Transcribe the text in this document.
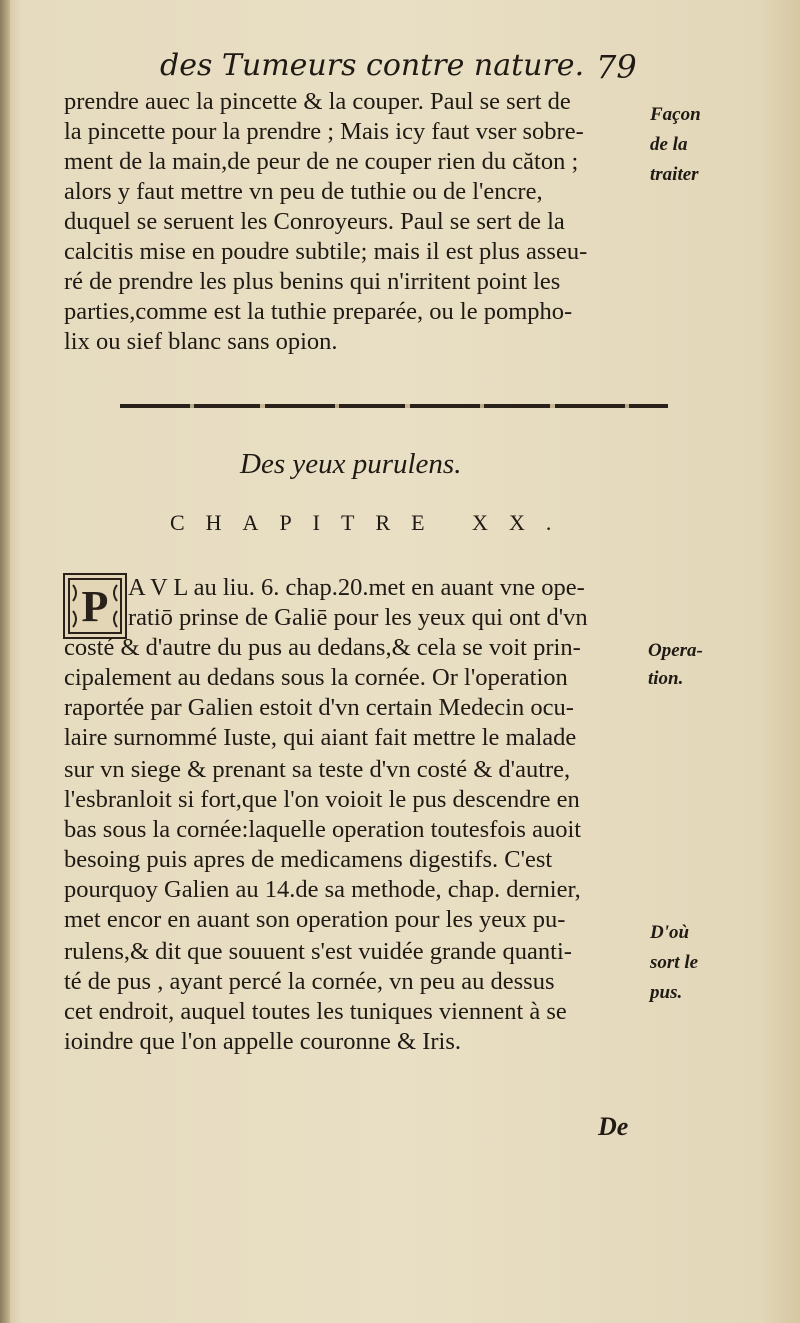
des Tumeurs contre nature. 79
prendre auec la pincette & la couper. Paul se sert de
la pincette pour la prendre ; Mais icy faut vser sobre-
ment de la main,de peur de ne couper rien du căton ;
alors y faut mettre vn peu de tuthie ou de l'encre,
duquel se seruent les Conroyeurs. Paul se sert de la
calcitis mise en poudre subtile; mais il est plus asseu-
ré de prendre les plus benins qui n'irritent point les
parties,comme est la tuthie preparée, ou le pompho-
lix ou sief blanc sans opion.
Façon
de la
traiter
Des yeux purulens.
CHAPITRE XX.
P A V L au liu. 6. chap.20.met en auant vne ope-
ratiō prinse de Galiē pour les yeux qui ont d'vn
costé & d'autre du pus au dedans,& cela se voit prin-
cipalement au dedans sous la cornée. Or l'operation
raportée par Galien estoit d'vn certain Medecin ocu-
laire surnommé Iuste, qui aiant fait mettre le malade
sur vn siege & prenant sa teste d'vn costé & d'autre,
l'esbranloit si fort,que l'on voioit le pus descendre en
bas sous la cornée:laquelle operation toutesfois auoit
besoing puis apres de medicamens digestifs. C'est
pourquoy Galien au 14.de sa methode, chap. dernier,
met encor en auant son operation pour les yeux pu-
rulens,& dit que souuent s'est vuidée grande quanti-
té de pus , ayant percé la cornée, vn peu au dessus
cet endroit, auquel toutes les tuniques viennent à se
ioindre que l'on appelle couronne & Iris.
Opera-
tion.
D'où
sort le
pus.
De
